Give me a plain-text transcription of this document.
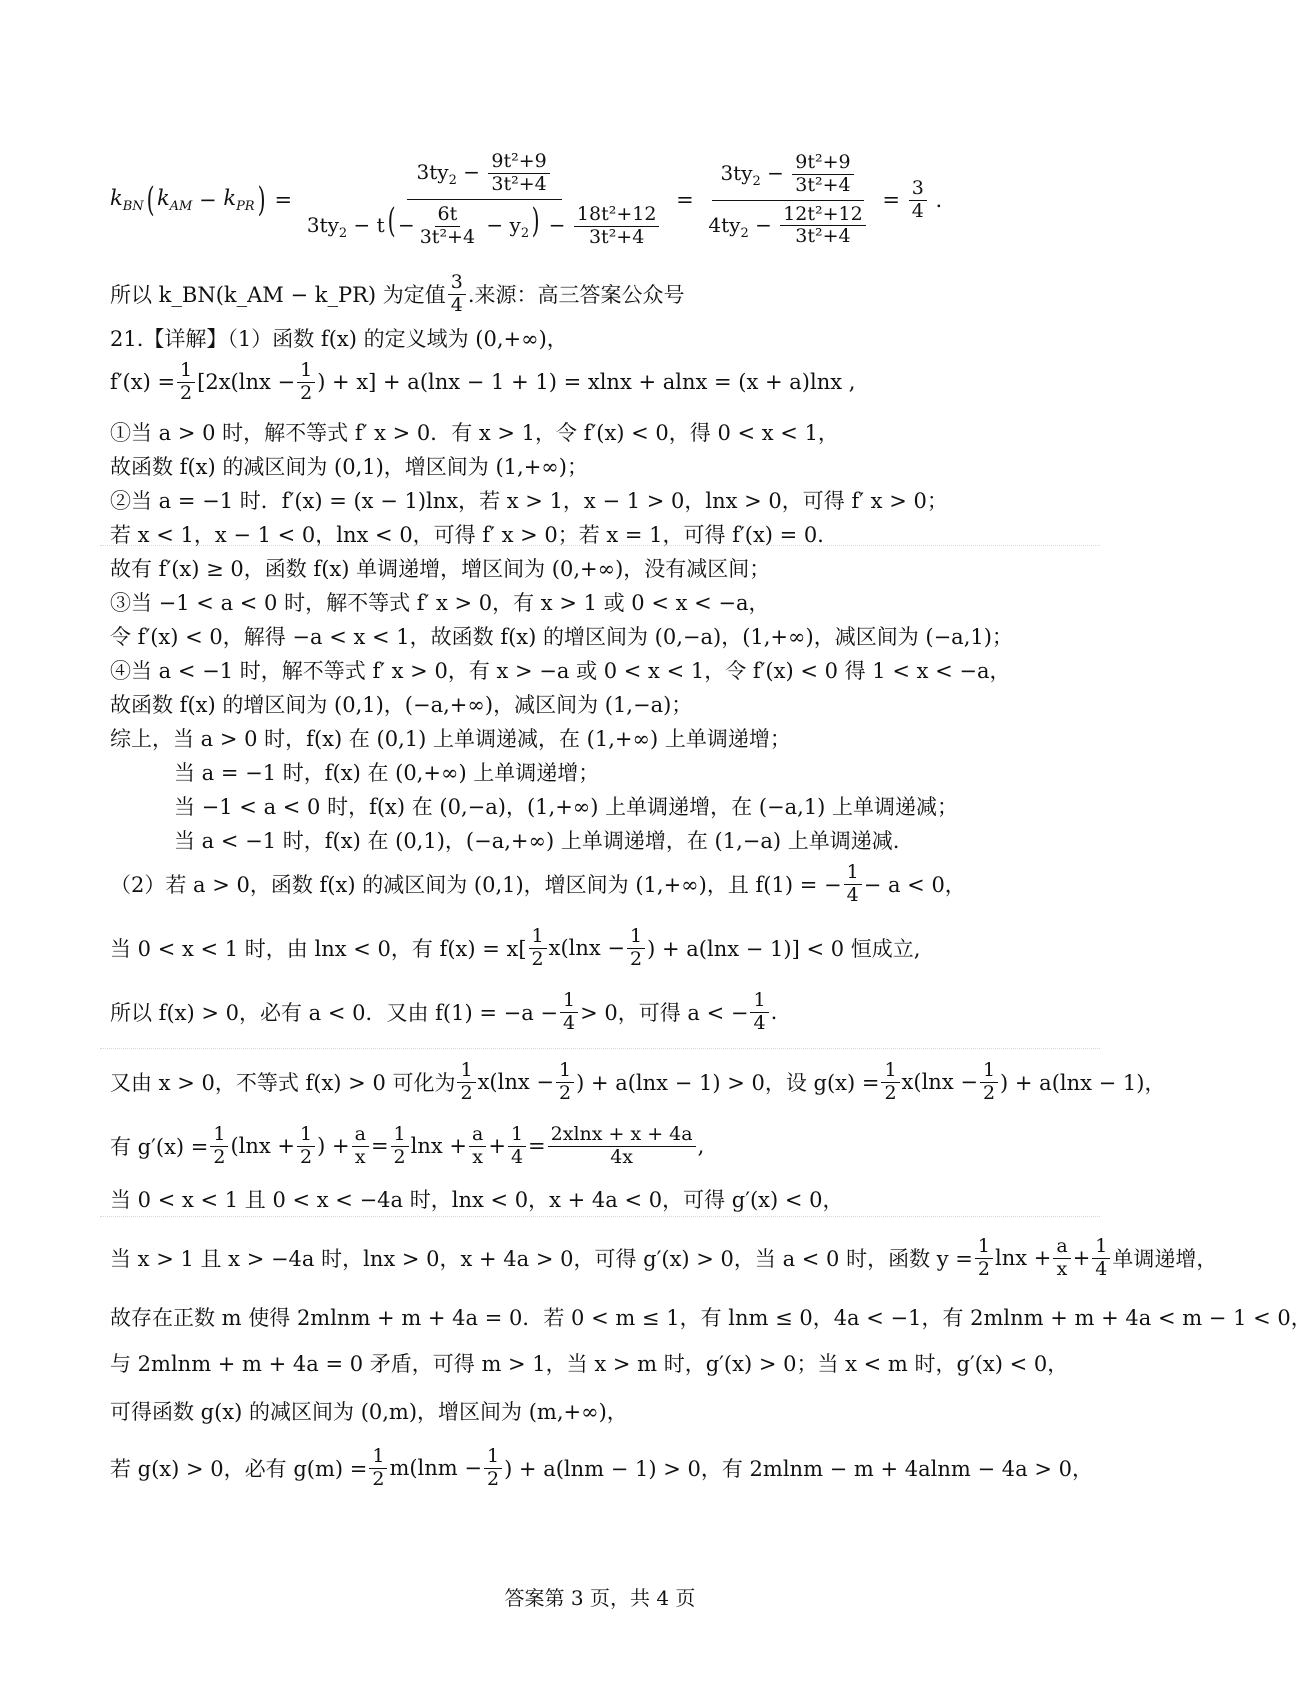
$k_{BN}$ ( $k_{AM} - k_{PR}$ ) = $\frac{3ty_2 - \frac{\text{9t²+9}}{\text{3t²+4}}}{3ty_2 - t( - \frac{6t}{\text{3t²+4}} - y_2) - \frac{\text{18t²+12}}{\text{3t²+4}}} = \frac{3ty_2 - \frac{\text{9t²+9}}{\text{3t²+4}}}{4ty_2 - \frac{\text{12t²+12}}{\text{3t²+4}}} = \frac{3}{4}$ .
所以 k_BN(k_AM − k_PR) 为定值 $\frac{3}{4}$ .来源：高三答案公众号
21.【详解】（1）函数 f(x) 的定义域为 (0,+∞)，
$f'(x) = \frac{1}{2} [2x(\ln x - \frac{1}{2}$ ) + x] + a(lnx − 1 + 1) = xlnx + alnx = (x + a)lnx ,
①当 a > 0 时，解不等式 f′ x > 0．有 x > 1，令 f′(x) < 0，得 0 < x < 1，
故函数 f(x) 的减区间为 (0,1)，增区间为 (1,+∞)；
②当 a = −1 时．f′(x) = (x − 1)lnx，若 x > 1，x − 1 > 0，lnx > 0，可得 f′ x > 0；
若 x < 1，x − 1 < 0，lnx < 0，可得 f′ x > 0；若 x = 1，可得 f′(x) = 0．
故有 f′(x) ≥ 0，函数 f(x) 单调递增，增区间为 (0,+∞)，没有减区间；
③当 −1 < a < 0 时，解不等式 f′ x > 0，有 x > 1 或 0 < x < −a，
令 f′(x) < 0，解得 −a < x < 1，故函数 f(x) 的增区间为 (0,−a)，(1,+∞)，减区间为 (−a,1)；
④当 a < −1 时，解不等式 f′ x > 0，有 x > −a 或 0 < x < 1，令 f′(x) < 0 得 1 < x < −a，
故函数 f(x) 的增区间为 (0,1)，(−a,+∞)，减区间为 (1,−a)；
综上，当 a > 0 时，f(x) 在 (0,1) 上单调递减，在 (1,+∞) 上单调递增；
当 a = −1 时，f(x) 在 (0,+∞) 上单调递增；
当 −1 < a < 0 时，f(x) 在 (0,−a)，(1,+∞) 上单调递增，在 (−a,1) 上单调递减；
当 a < −1 时，f(x) 在 (0,1)，(−a,+∞) 上单调递增，在 (1,−a) 上单调递减.
（2）若 a > 0，函数 f(x) 的减区间为 (0,1)，增区间为 (1,+∞)，且 f(1) = − $\frac{1}{4} - a < 0$，
当 0 < x < 1 时，由 lnx < 0，有 $f(x) = x[ \frac{1}{2} x(\ln x - \frac{1}{2}$ ) + a(lnx − 1)] < 0 恒成立,
所以 f(x) > 0，必有 a < 0．又由 $f(1) = -a - \frac{1}{4} > 0$，可得 a < − $\frac{1}{4}$ .
又由 x > 0，不等式 f(x) > 0 可化为 $\frac{1}{2} x(\ln x - \frac{1}{2}$ ) + a(lnx − 1) > 0，设 $g(x) = \frac{1}{2} x(\ln x - \frac{1}{2}$ ) + a(lnx − 1)，
有 $g'(x) = \frac{1}{2} (\ln x + \frac{1}{2}$ ) + $\frac{a}{x} = \frac{1}{2}$ $\ln x + \frac{a}{x} + \frac{1}{4} = \frac{2xlnx + x + 4a}{4x}$ ,
当 0 < x < 1 且 0 < x < −4a 时，lnx < 0，x + 4a < 0，可得 g′(x) < 0，
当 x > 1 且 x > −4a 时，lnx > 0，x + 4a > 0，可得 g′(x) > 0，当 a < 0 时，函数 $y = \frac{1}{2}$ $\ln x + \frac{a}{x} + \frac{1}{4}$ 单调递增，
故存在正数 m 使得 2mlnm + m + 4a = 0．若 0 < m ≤ 1，有 lnm ≤ 0，4a < −1，有 2mlnm + m + 4a < m − 1 < 0，
与 2mlnm + m + 4a = 0 矛盾，可得 m > 1，当 x > m 时，g′(x) > 0；当 x < m 时，g′(x) < 0，
可得函数 g(x) 的减区间为 (0,m)，增区间为 (m,+∞)，
若 g(x) > 0，必有 $g(m) = \frac{1}{2} m(\ln m - \frac{1}{2}$ ) + a(lnm − 1) > 0，有 2mlnm − m + 4alnm − 4a > 0，
答案第 3 页，共 4 页
